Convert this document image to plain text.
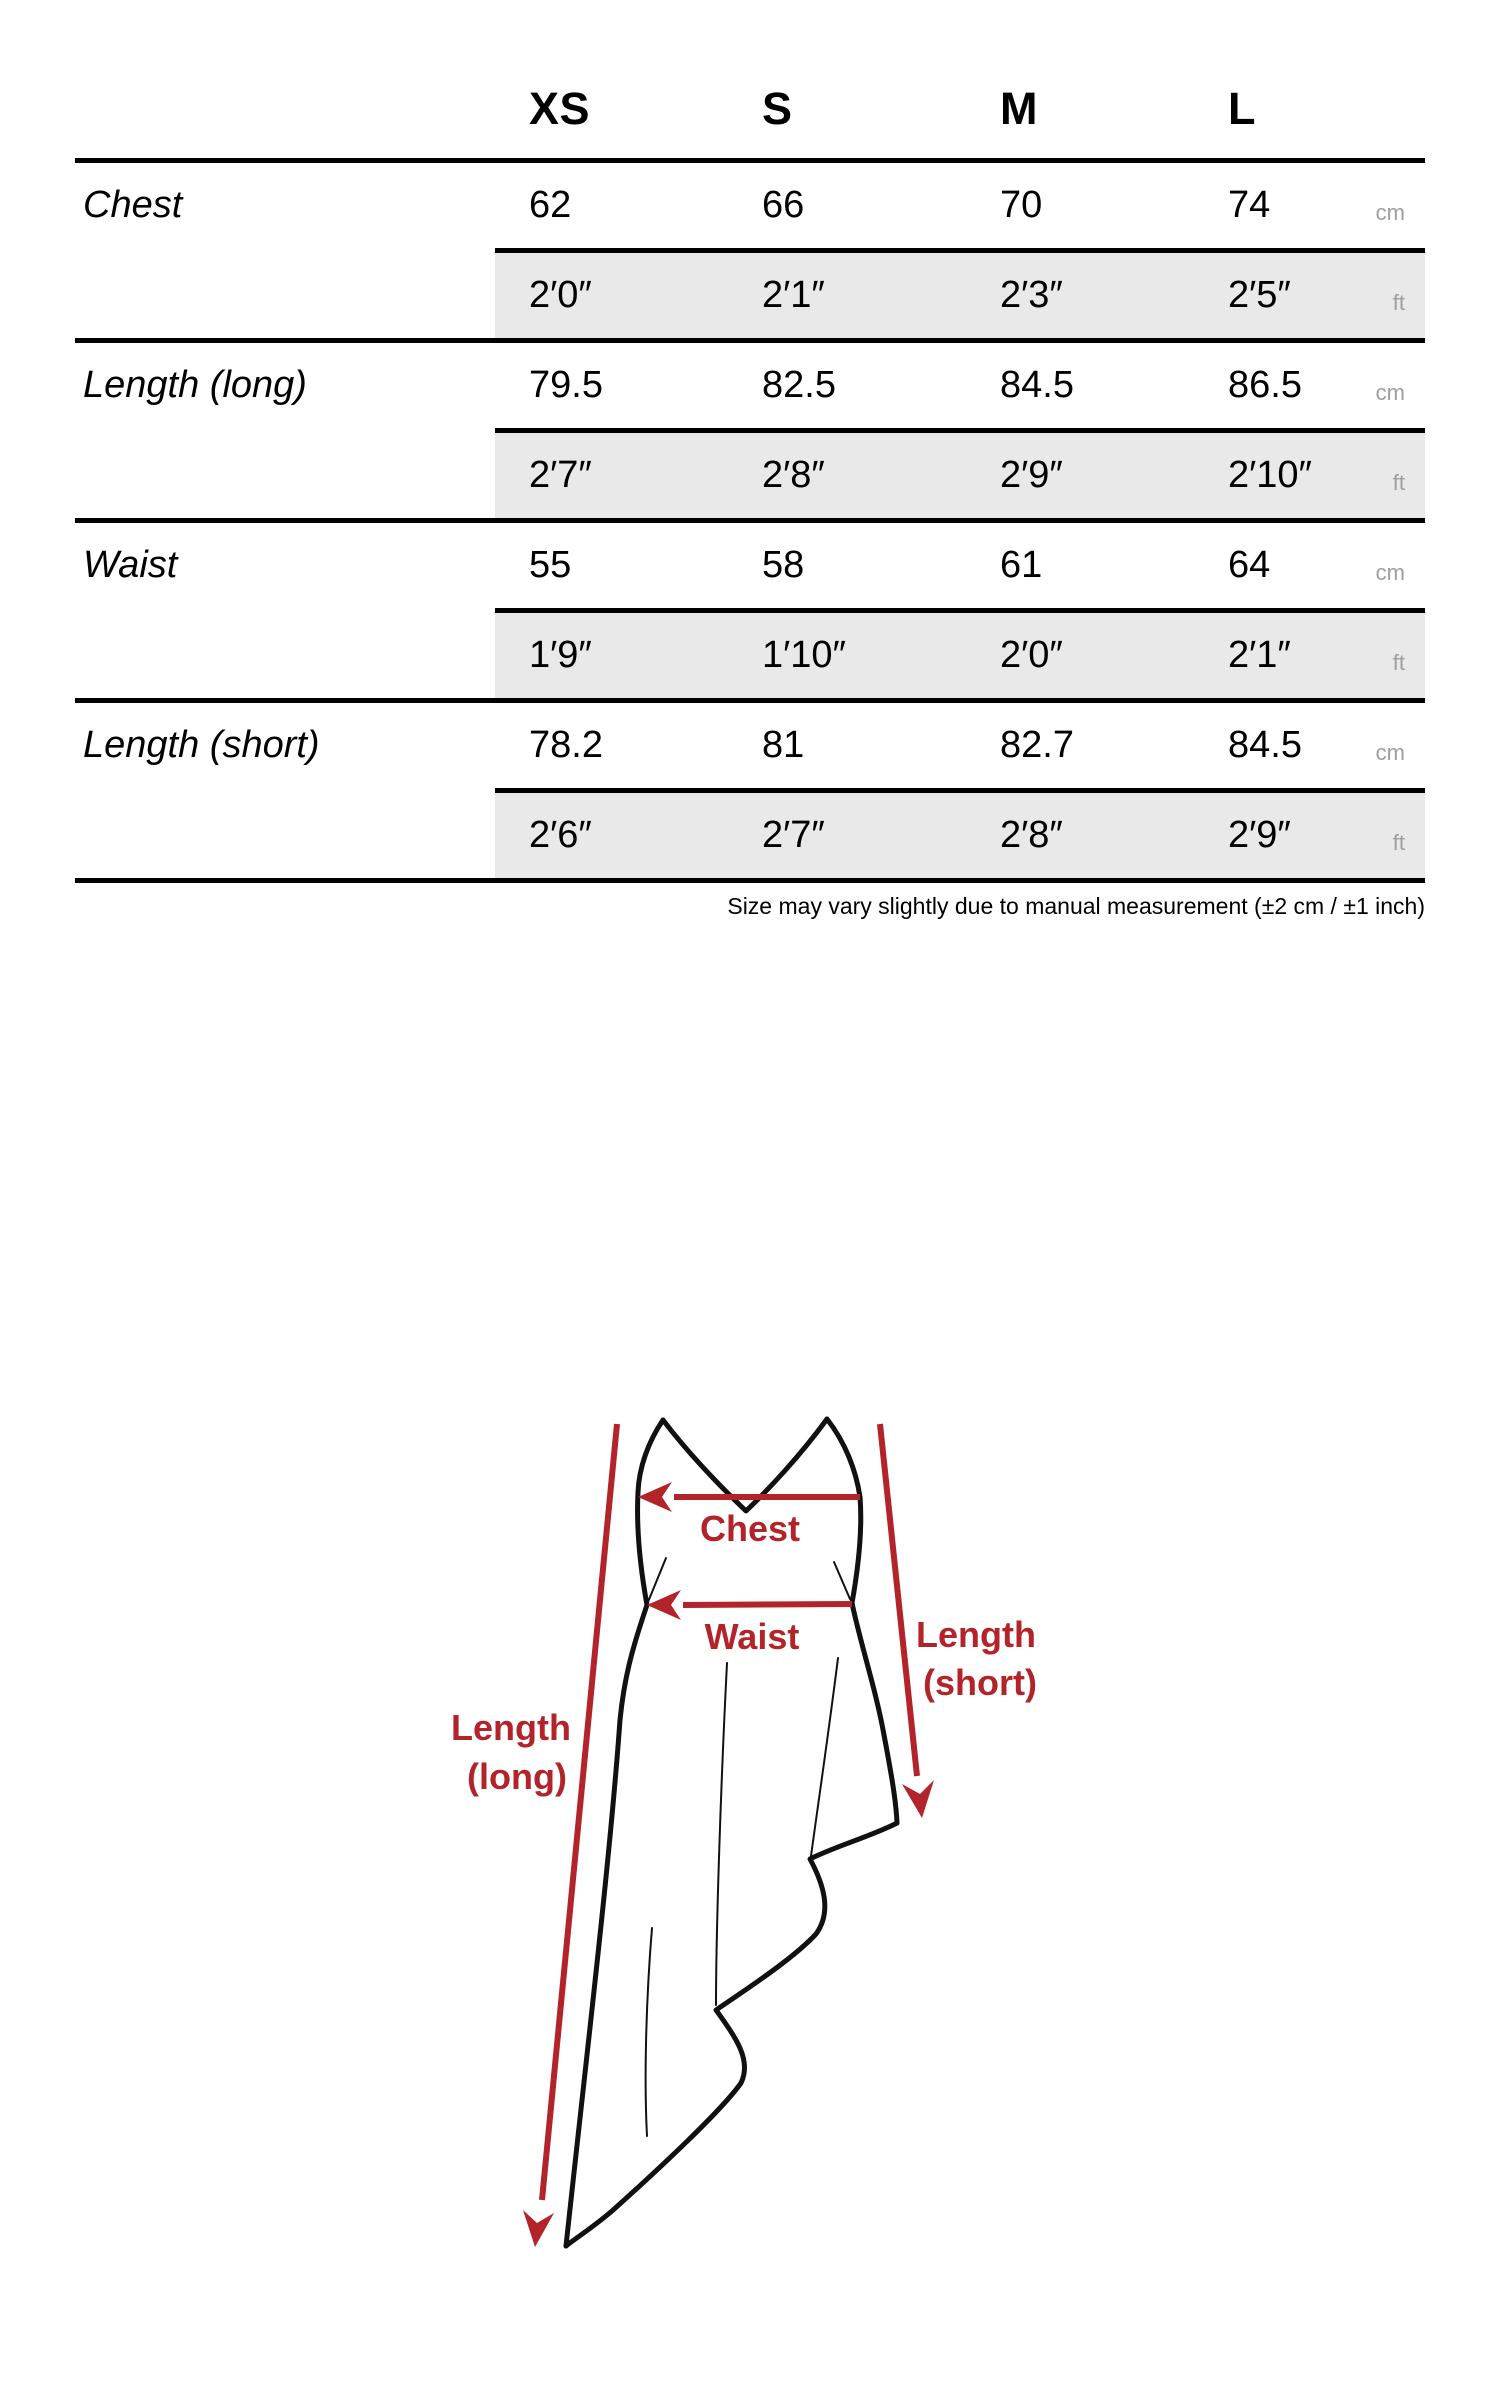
XS	S	M	L
Chest	62	66	70	74	cm
2′0″	2′1″	2′3″	2′5″	ft
Length (long)	79.5	82.5	84.5	86.5	cm
2′7″	2′8″	2′9″	2′10″	ft
Waist	55	58	61	64	cm
1′9″	1′10″	2′0″	2′1″	ft
Length (short)	78.2	81	82.7	84.5	cm
2′6″	2′7″	2′8″	2′9″	ft
Size may vary slightly due to manual measurement (±2 cm / ±1 inch)
Chest
Waist
Length
(long)
Length
(short)
